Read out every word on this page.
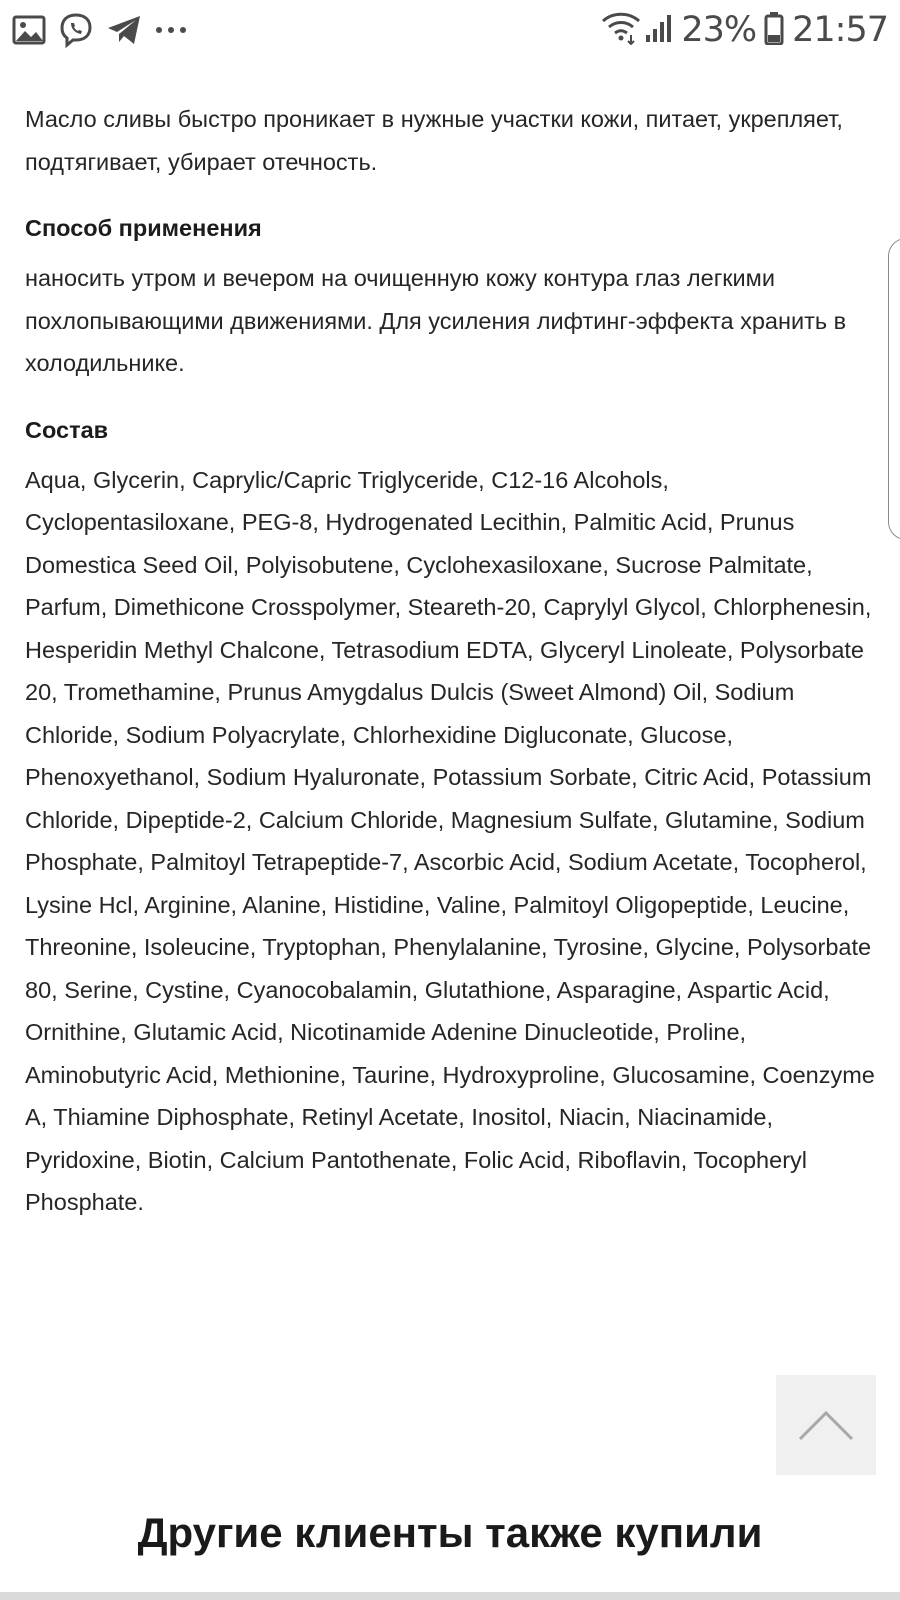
23% 21:57

Масло сливы быстро проникает в нужные участки кожи, питает, укрепляет, подтягивает, убирает отечность.

Способ применения

наносить утром и вечером на очищенную кожу контура глаз легкими похлопывающими движениями. Для усиления лифтинг-эффекта хранить в холодильнике.

Состав

Aqua, Glycerin, Caprylic/Capric Triglyceride, C12-16 Alcohols, Cyclopentasiloxane, PEG-8, Hydrogenated Lecithin, Palmitic Acid, Prunus Domestica Seed Oil, Polyisobutene, Cyclohexasiloxane, Sucrose Palmitate, Parfum, Dimethicone Crosspolymer, Steareth-20, Caprylyl Glycol, Chlorphenesin, Hesperidin Methyl Chalcone, Tetrasodium EDTA, Glyceryl Linoleate, Polysorbate 20, Tromethamine, Prunus Amygdalus Dulcis (Sweet Almond) Oil, Sodium Chloride, Sodium Polyacrylate, Chlorhexidine Digluconate, Glucose, Phenoxyethanol, Sodium Hyaluronate, Potassium Sorbate, Citric Acid, Potassium Chloride, Dipeptide-2, Calcium Chloride, Magnesium Sulfate, Glutamine, Sodium Phosphate, Palmitoyl Tetrapeptide-7, Ascorbic Acid, Sodium Acetate, Tocopherol, Lysine Hcl, Arginine, Alanine, Histidine, Valine, Palmitoyl Oligopeptide, Leucine, Threonine, Isoleucine, Tryptophan, Phenylalanine, Tyrosine, Glycine, Polysorbate 80, Serine, Cystine, Cyanocobalamin, Glutathione, Asparagine, Aspartic Acid, Ornithine, Glutamic Acid, Nicotinamide Adenine Dinucleotide, Proline, Aminobutyric Acid, Methionine, Taurine, Hydroxyproline, Glucosamine, Coenzyme A, Thiamine Diphosphate, Retinyl Acetate, Inositol, Niacin, Niacinamide, Pyridoxine, Biotin, Calcium Pantothenate, Folic Acid, Riboflavin, Tocopheryl Phosphate.

Другие клиенты также купили
